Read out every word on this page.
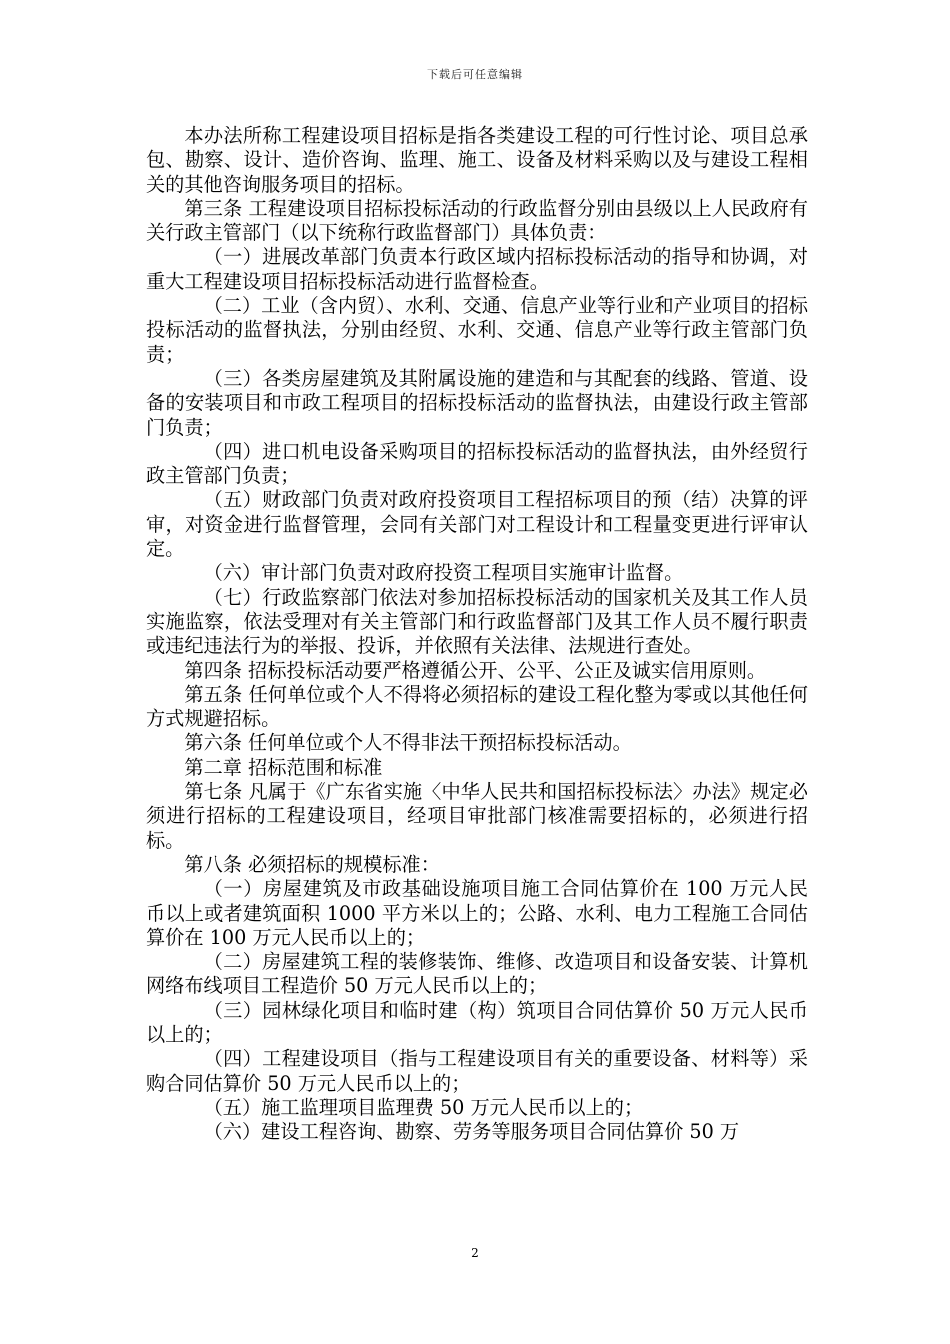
下载后可任意编辑

本办法所称工程建设项目招标是指各类建设工程的可行性讨论、项目总承包、勘察、设计、造价咨询、监理、施工、设备及材料采购以及与建设工程相关的其他咨询服务项目的招标。

第三条 工程建设项目招标投标活动的行政监督分别由县级以上人民政府有关行政主管部门（以下统称行政监督部门）具体负责：

（一）进展改革部门负责本行政区域内招标投标活动的指导和协调，对重大工程建设项目招标投标活动进行监督检查。

（二）工业（含内贸）、水利、交通、信息产业等行业和产业项目的招标投标活动的监督执法，分别由经贸、水利、交通、信息产业等行政主管部门负责；

（三）各类房屋建筑及其附属设施的建造和与其配套的线路、管道、设备的安装项目和市政工程项目的招标投标活动的监督执法，由建设行政主管部门负责；

（四）进口机电设备采购项目的招标投标活动的监督执法，由外经贸行政主管部门负责；

（五）财政部门负责对政府投资项目工程招标项目的预（结）决算的评审，对资金进行监督管理，会同有关部门对工程设计和工程量变更进行评审认定。

（六）审计部门负责对政府投资工程项目实施审计监督。

（七）行政监察部门依法对参加招标投标活动的国家机关及其工作人员实施监察，依法受理对有关主管部门和行政监督部门及其工作人员不履行职责或违纪违法行为的举报、投诉，并依照有关法律、法规进行查处。

第四条 招标投标活动要严格遵循公开、公平、公正及诚实信用原则。

第五条 任何单位或个人不得将必须招标的建设工程化整为零或以其他任何方式规避招标。

第六条 任何单位或个人不得非法干预招标投标活动。

第二章 招标范围和标准

第七条 凡属于《广东省实施〈中华人民共和国招标投标法〉办法》规定必须进行招标的工程建设项目，经项目审批部门核准需要招标的，必须进行招标。

第八条 必须招标的规模标准：

（一）房屋建筑及市政基础设施项目施工合同估算价在 100 万元人民币以上或者建筑面积 1000 平方米以上的；公路、水利、电力工程施工合同估算价在 100 万元人民币以上的；

（二）房屋建筑工程的装修装饰、维修、改造项目和设备安装、计算机网络布线项目工程造价 50 万元人民币以上的；

（三）园林绿化项目和临时建（构）筑项目合同估算价 50 万元人民币以上的；

（四）工程建设项目（指与工程建设项目有关的重要设备、材料等）采购合同估算价 50 万元人民币以上的；

（五）施工监理项目监理费 50 万元人民币以上的；

（六）建设工程咨询、勘察、劳务等服务项目合同估算价 50 万

2
